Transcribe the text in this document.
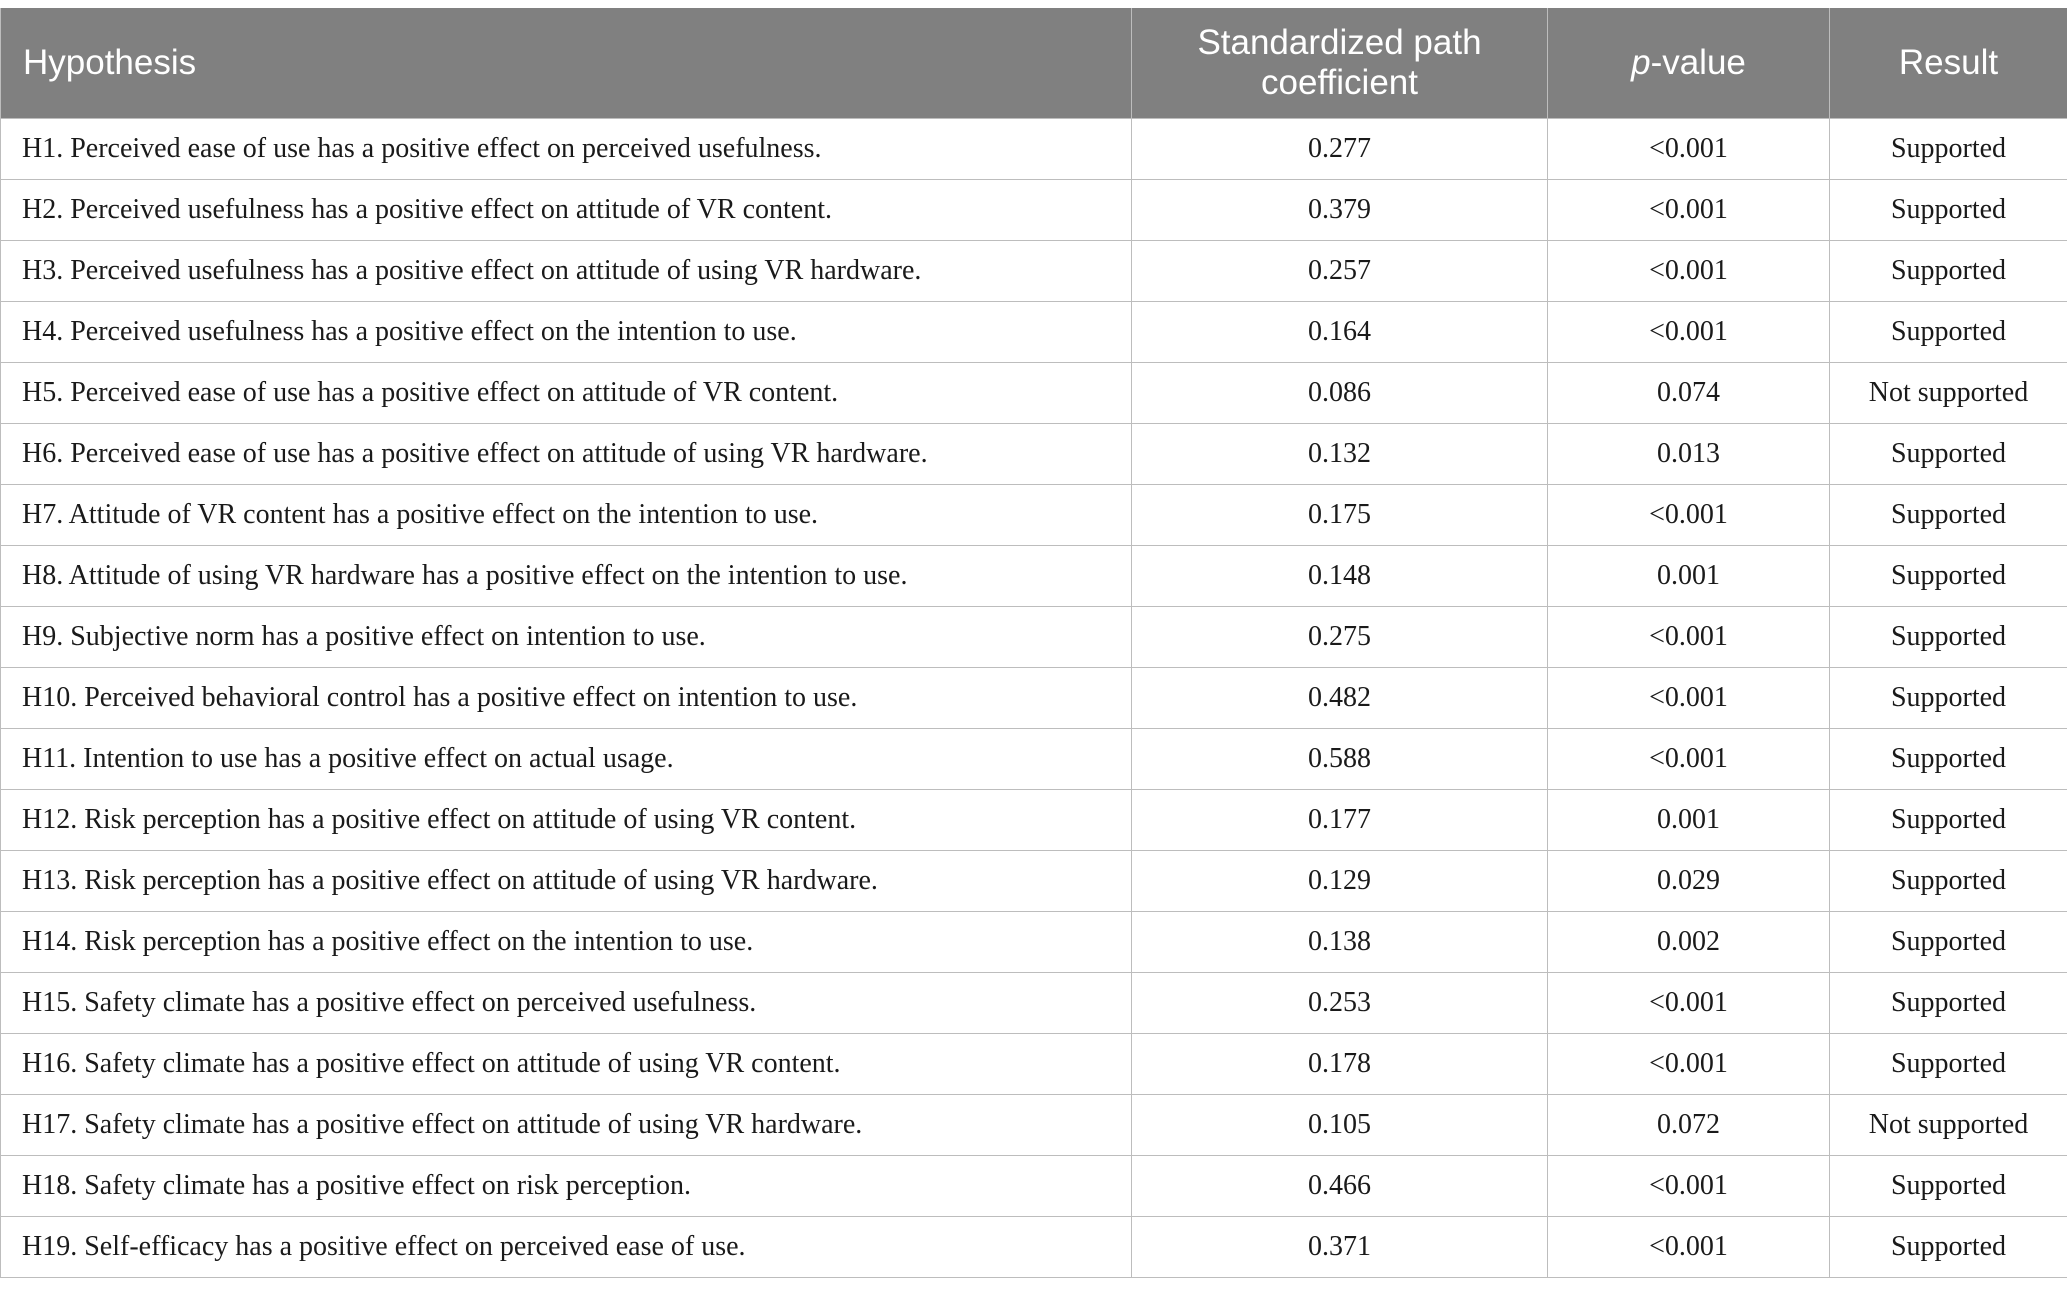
Hypothesis	Standardized path coefficient	p-value	Result
H1. Perceived ease of use has a positive effect on perceived usefulness.	0.277	<0.001	Supported
H2. Perceived usefulness has a positive effect on attitude of VR content.	0.379	<0.001	Supported
H3. Perceived usefulness has a positive effect on attitude of using VR hardware.	0.257	<0.001	Supported
H4. Perceived usefulness has a positive effect on the intention to use.	0.164	<0.001	Supported
H5. Perceived ease of use has a positive effect on attitude of VR content.	0.086	0.074	Not supported
H6. Perceived ease of use has a positive effect on attitude of using VR hardware.	0.132	0.013	Supported
H7. Attitude of VR content has a positive effect on the intention to use.	0.175	<0.001	Supported
H8. Attitude of using VR hardware has a positive effect on the intention to use.	0.148	0.001	Supported
H9. Subjective norm has a positive effect on intention to use.	0.275	<0.001	Supported
H10. Perceived behavioral control has a positive effect on intention to use.	0.482	<0.001	Supported
H11. Intention to use has a positive effect on actual usage.	0.588	<0.001	Supported
H12. Risk perception has a positive effect on attitude of using VR content.	0.177	0.001	Supported
H13. Risk perception has a positive effect on attitude of using VR hardware.	0.129	0.029	Supported
H14. Risk perception has a positive effect on the intention to use.	0.138	0.002	Supported
H15. Safety climate has a positive effect on perceived usefulness.	0.253	<0.001	Supported
H16. Safety climate has a positive effect on attitude of using VR content.	0.178	<0.001	Supported
H17. Safety climate has a positive effect on attitude of using VR hardware.	0.105	0.072	Not supported
H18. Safety climate has a positive effect on risk perception.	0.466	<0.001	Supported
H19. Self-efficacy has a positive effect on perceived ease of use.	0.371	<0.001	Supported
